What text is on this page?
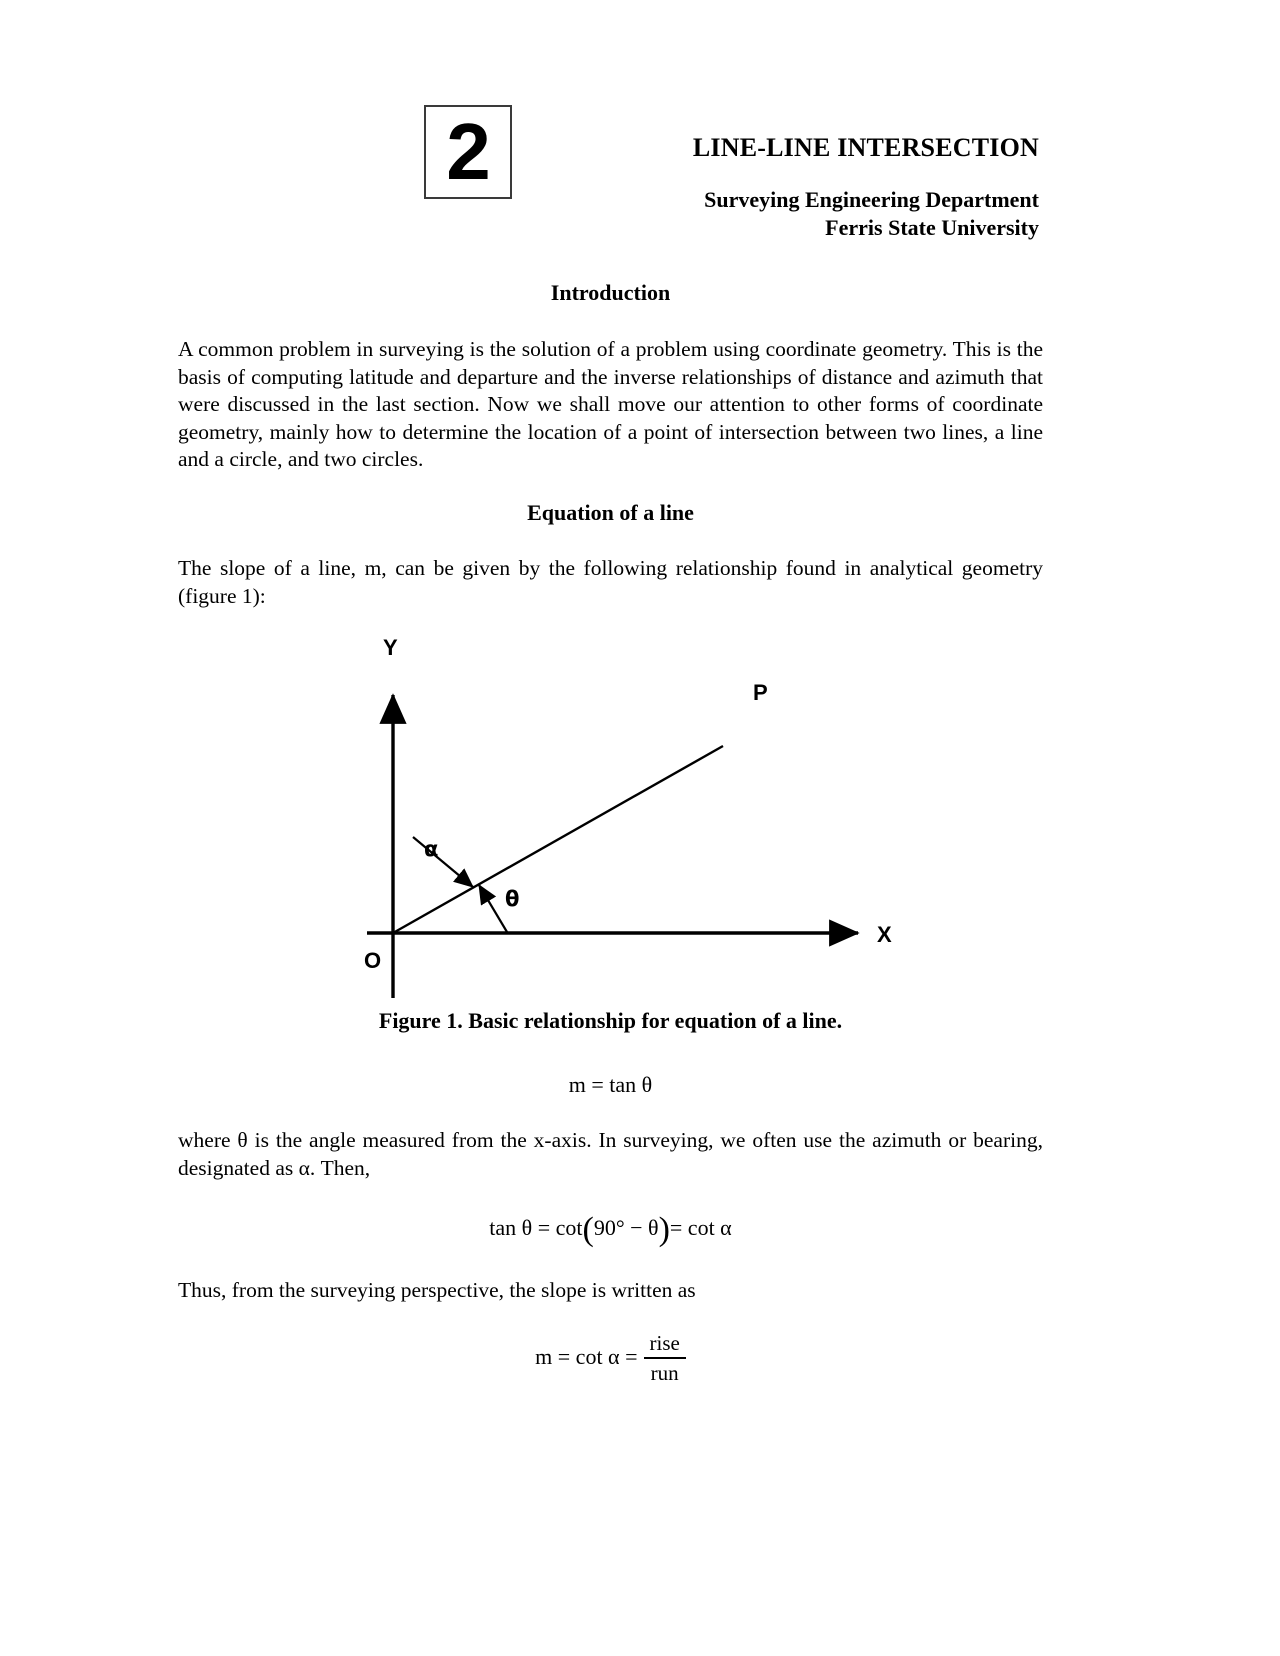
2	LINE-LINE INTERSECTION
Surveying Engineering Department
Ferris State University
Introduction
A common problem in surveying is the solution of a problem using coordinate geometry. This is the basis of computing latitude and departure and the inverse relationships of distance and azimuth that were discussed in the last section. Now we shall move our attention to other forms of coordinate geometry, mainly how to determine the location of a point of intersection between two lines, a line and a circle, and two circles.
Equation of a line
The slope of a line, m, can be given by the following relationship found in analytical geometry (figure 1):
Y
X
O
P
α
θ
Figure 1. Basic relationship for equation of a line.
m = tan θ
where θ is the angle measured from the x-axis. In surveying, we often use the azimuth or bearing, designated as α. Then,
tan θ = cot ( 90° − θ ) = cot α
Thus, from the surveying perspective, the slope is written as
$m = \cot \alpha = \frac{\text{rise}}{\text{run}}$
